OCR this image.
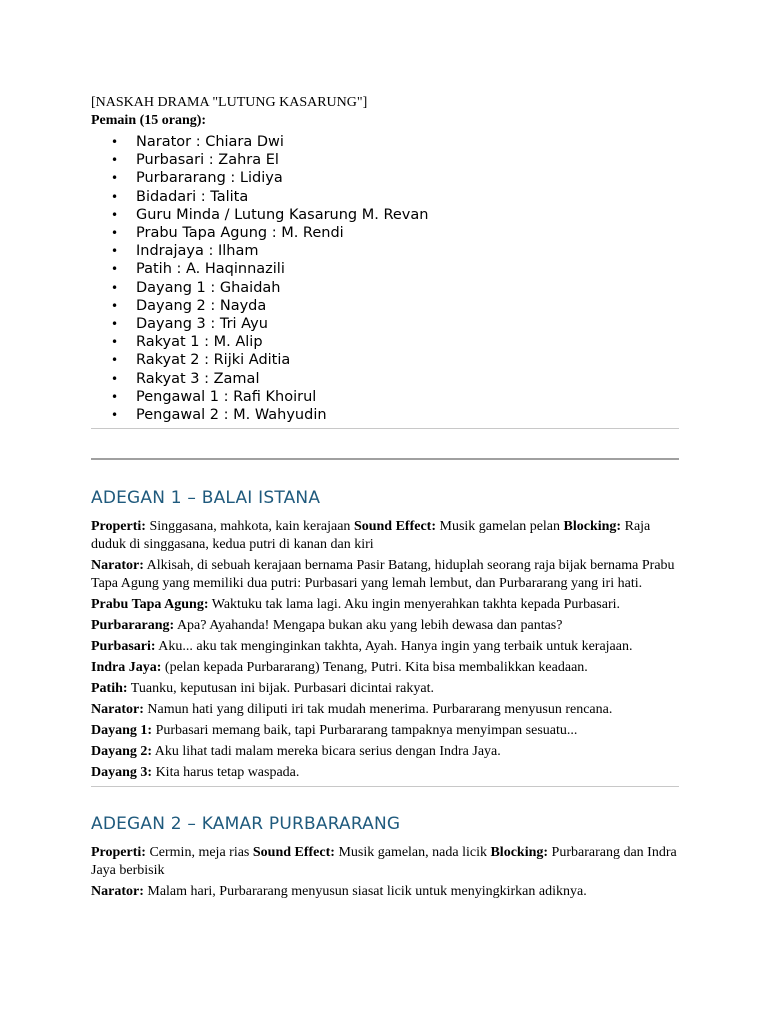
[NASKAH DRAMA "LUTUNG KASARUNG"]

Pemain (15 orang):

• Narator : Chiara Dwi
• Purbasari : Zahra El
• Purbararang : Lidiya
• Bidadari : Talita
• Guru Minda / Lutung Kasarung M. Revan
• Prabu Tapa Agung : M. Rendi
• Indrajaya : Ilham
• Patih : A. Haqinnazili
• Dayang 1 : Ghaidah
• Dayang 2 : Nayda
• Dayang 3 : Tri Ayu
• Rakyat 1 : M. Alip
• Rakyat 2 : Rijki Aditia
• Rakyat 3 : Zamal
• Pengawal 1 : Rafi Khoirul
• Pengawal 2 : M. Wahyudin
ADEGAN 1 – BALAI ISTANA

Properti: Singgasana, mahkota, kain kerajaan Sound Effect: Musik gamelan pelan Blocking: Raja duduk di singgasana, kedua putri di kanan dan kiri

Narator: Alkisah, di sebuah kerajaan bernama Pasir Batang, hiduplah seorang raja bijak bernama Prabu Tapa Agung yang memiliki dua putri: Purbasari yang lemah lembut, dan Purbararang yang iri hati.

Prabu Tapa Agung: Waktuku tak lama lagi. Aku ingin menyerahkan takhta kepada Purbasari.

Purbararang: Apa? Ayahanda! Mengapa bukan aku yang lebih dewasa dan pantas?

Purbasari: Aku... aku tak menginginkan takhta, Ayah. Hanya ingin yang terbaik untuk kerajaan.

Indra Jaya: (pelan kepada Purbararang) Tenang, Putri. Kita bisa membalikkan keadaan.

Patih: Tuanku, keputusan ini bijak. Purbasari dicintai rakyat.

Narator: Namun hati yang diliputi iri tak mudah menerima. Purbararang menyusun rencana.

Dayang 1: Purbasari memang baik, tapi Purbararang tampaknya menyimpan sesuatu...

Dayang 2: Aku lihat tadi malam mereka bicara serius dengan Indra Jaya.

Dayang 3: Kita harus tetap waspada.

ADEGAN 2 – KAMAR PURBARARANG

Properti: Cermin, meja rias Sound Effect: Musik gamelan, nada licik Blocking: Purbararang dan Indra Jaya berbisik

Narator: Malam hari, Purbararang menyusun siasat licik untuk menyingkirkan adiknya.
